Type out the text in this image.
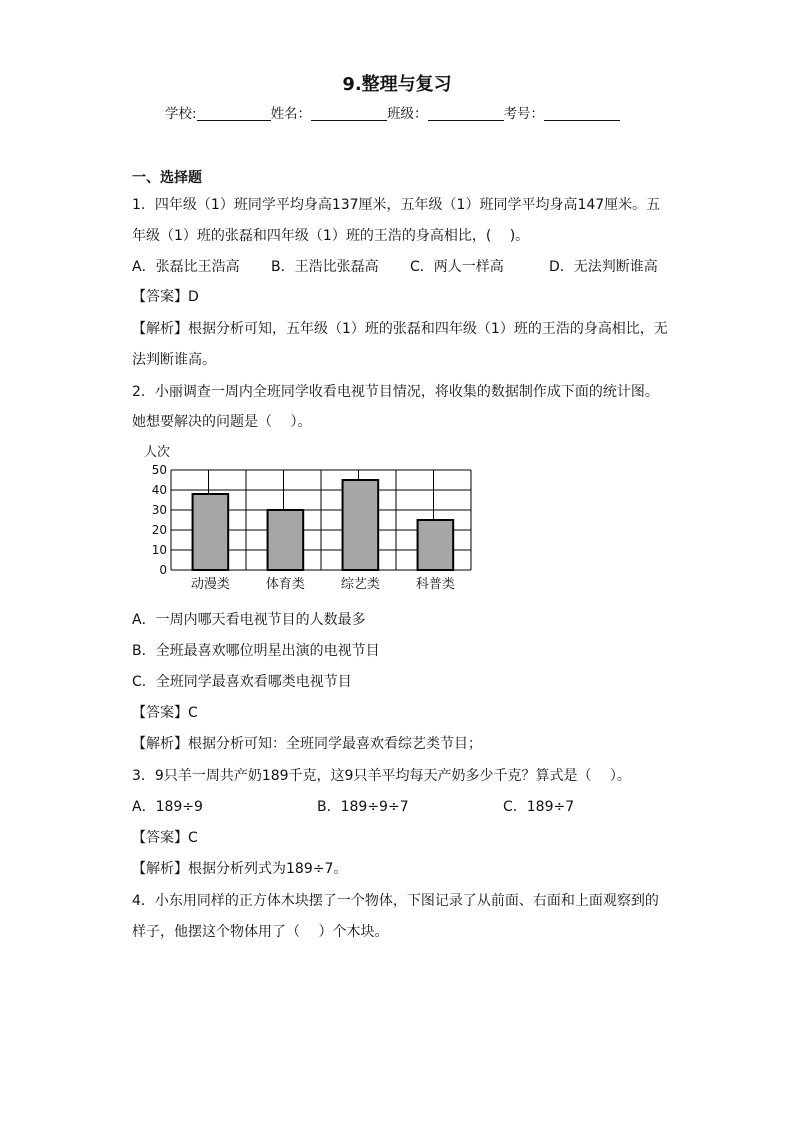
9.整理与复习
学校:	姓名：	班级：	考号：
一、选择题
1．四年级（1）班同学平均身高137厘米，五年级（1）班同学平均身高147厘米。五
年级（1）班的张磊和四年级（1）班的王浩的身高相比，(　 )。
A．张磊比王浩高 B．王浩比张磊高 C．两人一样高	D．无法判断谁高
【答案】D
【解析】根据分析可知，五年级（1）班的张磊和四年级（1）班的王浩的身高相比，无
法判断谁高。
2．小丽调查一周内全班同学收看电视节目情况，将收集的数据制作成下面的统计图。
她想要解决的问题是（　 ）。
0
10
20
30
40
50
动漫类	体育类	综艺类	科普类
人次
A．一周内哪天看电视节目的人数最多
B．全班最喜欢哪位明星出演的电视节目
C．全班同学最喜欢看哪类电视节目
【答案】C
【解析】根据分析可知：全班同学最喜欢看综艺类节目；
3．9只羊一周共产奶189千克，这9只羊平均每天产奶多少千克？算式是（　 ）。
A．189÷9	B．189÷9÷7	C．189÷7
【答案】C
【解析】根据分析列式为189÷7。
4．小东用同样的正方体木块摆了一个物体，下图记录了从前面、右面和上面观察到的
样子，他摆这个物体用了（　 ）个木块。
